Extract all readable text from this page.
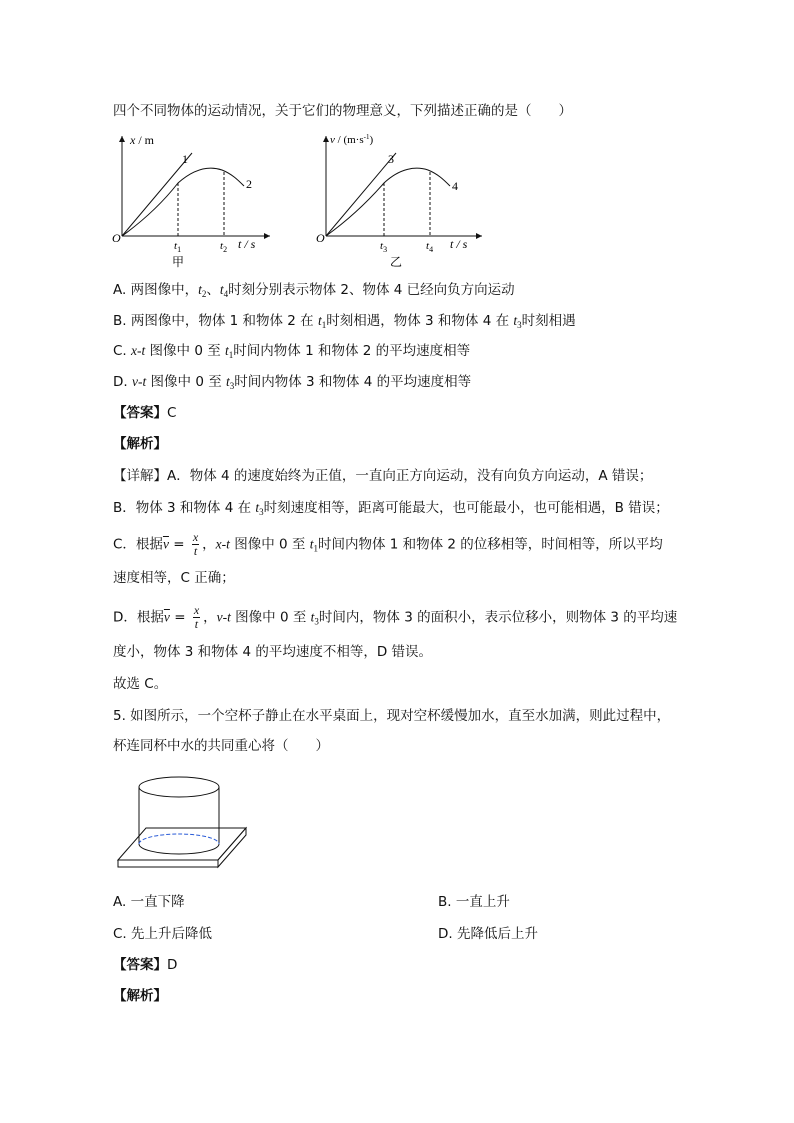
四个不同物体的运动情况，关于它们的物理意义，下列描述正确的是（　　）
x / m
O	t / s
1
2
$t_1$	$t_2$
甲
$v / (m\cdot s^{-1})$
O	t / s
3
4
$t_3$	$t_4$
乙
A. 两图像中，$t_2$、$t_4$时刻分别表示物体 2、物体 4 已经向负方向运动
B. 两图像中，物体 1 和物体 2 在 $t_1$时刻相遇，物体 3 和物体 4 在 $t_3$时刻相遇
C. x-t 图像中 0 至 $t_1$时间内物体 1 和物体 2 的平均速度相等
D. v-t 图像中 0 至 $t_3$时间内物体 3 和物体 4 的平均速度相等
【答案】C
【解析】
【详解】A．物体 4 的速度始终为正值，一直向正方向运动，没有向负方向运动，A 错误；
B．物体 3 和物体 4 在 $t_3$时刻速度相等，距离可能最大，也可能最小，也可能相遇，B 错误；
C．根据$\overline{v} = \frac{x}{t}$ ，x-t 图像中 0 至 $t_1$时间内物体 1 和物体 2 的位移相等，时间相等，所以平均
速度相等，C 正确；
D．根据$\overline{v} = \frac{x}{t}$ ，v-t 图像中 0 至 $t_3$时间内，物体 3 的面积小，表示位移小，则物体 3 的平均速
度小，物体 3 和物体 4 的平均速度不相等，D 错误。
故选 C。
5. 如图所示，一个空杯子静止在水平桌面上，现对空杯缓慢加水，直至水加满，则此过程中，
杯连同杯中水的共同重心将（　　）
A. 一直下降	B. 一直上升
C. 先上升后降低	D. 先降低后上升
【答案】D
【解析】
